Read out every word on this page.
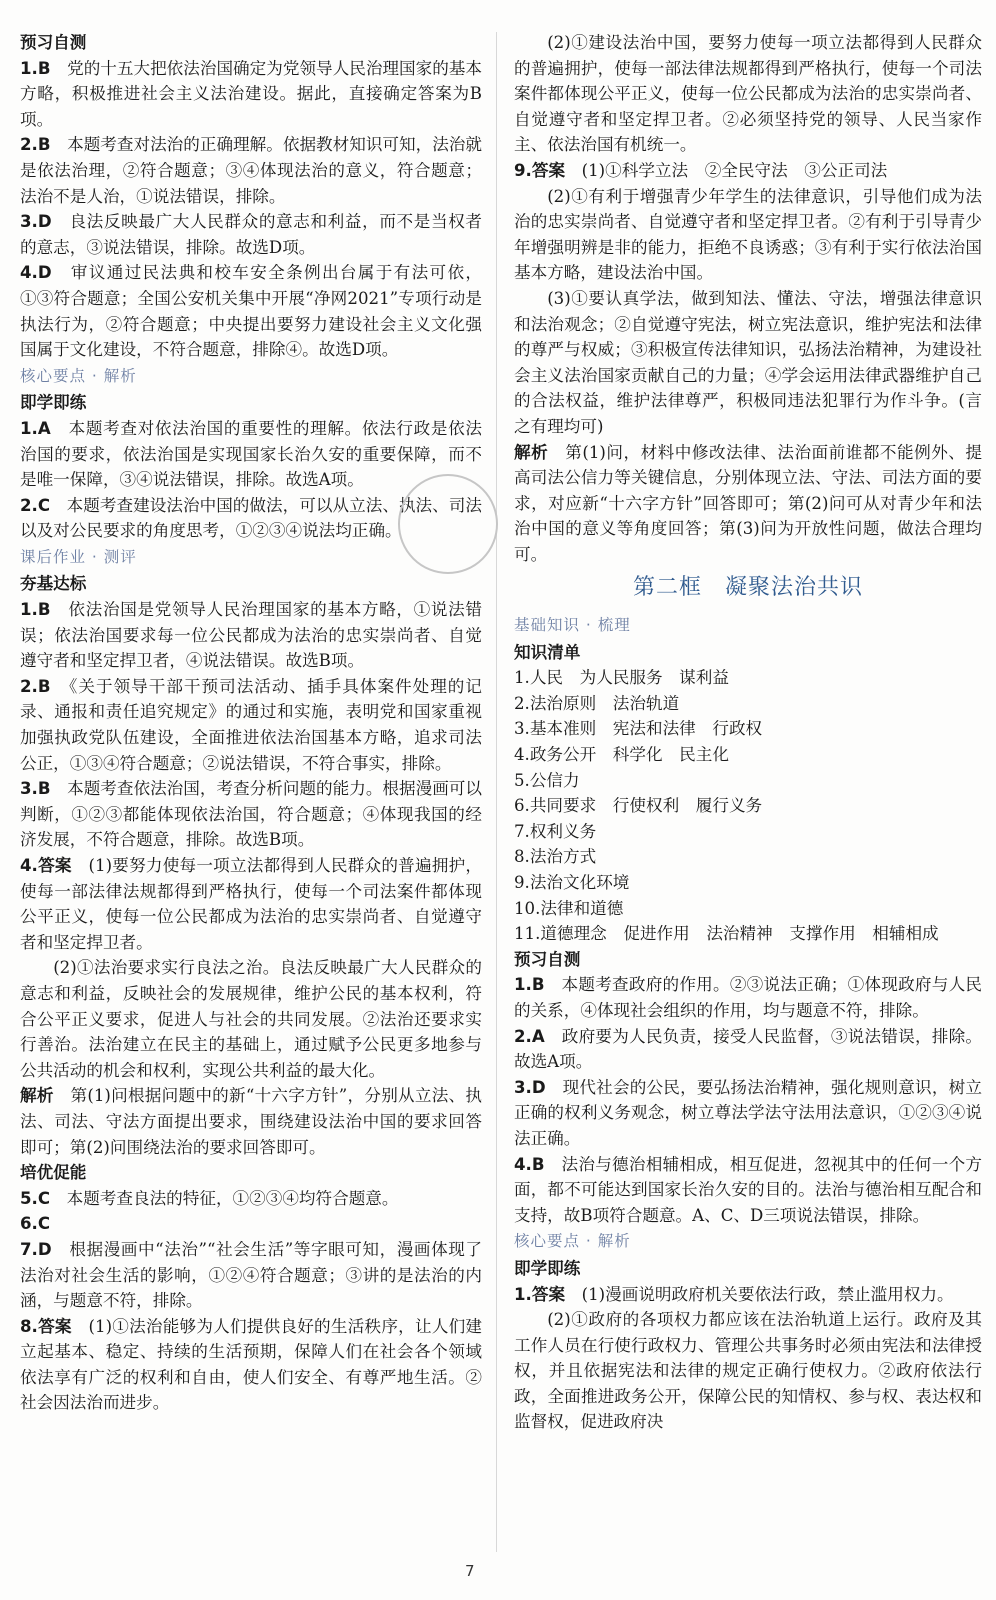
预习自测

1.B　党的十五大把依法治国确定为党领导人民治理国家的基本方略，积极推进社会主义法治建设。据此，直接确定答案为B项。

2.B　本题考查对法治的正确理解。依据教材知识可知，法治就是依法治理，②符合题意；③④体现法治的意义，符合题意；法治不是人治，①说法错误，排除。

3.D　良法反映最广大人民群众的意志和利益，而不是当权者的意志，③说法错误，排除。故选D项。

4.D　审议通过民法典和校车安全条例出台属于有法可依，①③符合题意；全国公安机关集中开展“净网2021”专项行动是执法行为，②符合题意；中央提出要努力建设社会主义文化强国属于文化建设，不符合题意，排除④。故选D项。

核心要点 · 解析
即学即练

1.A　本题考查对依法治国的重要性的理解。依法行政是依法治国的要求，依法治国是实现国家长治久安的重要保障，而不是唯一保障，③④说法错误，排除。故选A项。

2.C　本题考查建设法治中国的做法，可以从立法、执法、司法以及对公民要求的角度思考，①②③④说法均正确。

课后作业 · 测评
夯基达标

1.B　依法治国是党领导人民治理国家的基本方略，①说法错误；依法治国要求每一位公民都成为法治的忠实崇尚者、自觉遵守者和坚定捍卫者，④说法错误。故选B项。

2.B　《关于领导干部干预司法活动、插手具体案件处理的记录、通报和责任追究规定》的通过和实施，表明党和国家重视加强执政党队伍建设，全面推进依法治国基本方略，追求司法公正，①③④符合题意；②说法错误，不符合事实，排除。

3.B　本题考查依法治国，考查分析问题的能力。根据漫画可以判断，①②③都能体现依法治国，符合题意；④体现我国的经济发展，不符合题意，排除。故选B项。

4.答案　(1)要努力使每一项立法都得到人民群众的普遍拥护，使每一部法律法规都得到严格执行，使每一个司法案件都体现公平正义，使每一位公民都成为法治的忠实崇尚者、自觉遵守者和坚定捍卫者。

(2)①法治要求实行良法之治。良法反映最广大人民群众的意志和利益，反映社会的发展规律，维护公民的基本权利，符合公平正义要求，促进人与社会的共同发展。②法治还要求实行善治。法治建立在民主的基础上，通过赋予公民更多地参与公共活动的机会和权利，实现公共利益的最大化。

解析　第(1)问根据问题中的新“十六字方针”，分别从立法、执法、司法、守法方面提出要求，围绕建设法治中国的要求回答即可；第(2)问围绕法治的要求回答即可。

培优促能

5.C　本题考查良法的特征，①②③④均符合题意。

6.C　

7.D　根据漫画中“法治”“社会生活”等字眼可知，漫画体现了法治对社会生活的影响，①②④符合题意；③讲的是法治的内涵，与题意不符，排除。

8.答案　(1)①法治能够为人们提供良好的生活秩序，让人们建立起基本、稳定、持续的生活预期，保障人们在社会各个领域依法享有广泛的权利和自由，使人们安全、有尊严地生活。②社会因法治而进步。

(2)①建设法治中国，要努力使每一项立法都得到人民群众的普遍拥护，使每一部法律法规都得到严格执行，使每一个司法案件都体现公平正义，使每一位公民都成为法治的忠实崇尚者、自觉遵守者和坚定捍卫者。②必须坚持党的领导、人民当家作主、依法治国有机统一。

9.答案　(1)①科学立法　②全民守法　③公正司法

(2)①有利于增强青少年学生的法律意识，引导他们成为法治的忠实崇尚者、自觉遵守者和坚定捍卫者。②有利于引导青少年增强明辨是非的能力，拒绝不良诱惑；③有利于实行依法治国基本方略，建设法治中国。

(3)①要认真学法，做到知法、懂法、守法，增强法律意识和法治观念；②自觉遵守宪法，树立宪法意识，维护宪法和法律的尊严与权威；③积极宣传法律知识，弘扬法治精神，为建设社会主义法治国家贡献自己的力量；④学会运用法律武器维护自己的合法权益，维护法律尊严，积极同违法犯罪行为作斗争。(言之有理均可)

解析　第(1)问，材料中修改法律、法治面前谁都不能例外、提高司法公信力等关键信息，分别体现立法、守法、司法方面的要求，对应新“十六字方针”回答即可；第(2)问可从对青少年和法治中国的意义等角度回答；第(3)问为开放性问题，做法合理均可。

第二框　凝聚法治共识
基础知识 · 梳理
知识清单
1.人民　为人民服务　谋利益
2.法治原则　法治轨道
3.基本准则　宪法和法律　行政权
4.政务公开　科学化　民主化
5.公信力
6.共同要求　行使权利　履行义务
7.权利义务
8.法治方式
9.法治文化环境
10.法律和道德
11.道德理念　促进作用　法治精神　支撑作用　相辅相成
预习自测

1.B　本题考查政府的作用。②③说法正确；①体现政府与人民的关系，④体现社会组织的作用，均与题意不符，排除。

2.A　政府要为人民负责，接受人民监督，③说法错误，排除。故选A项。

3.D　现代社会的公民，要弘扬法治精神，强化规则意识，树立正确的权利义务观念，树立尊法学法守法用法意识，①②③④说法正确。

4.B　法治与德治相辅相成，相互促进，忽视其中的任何一个方面，都不可能达到国家长治久安的目的。法治与德治相互配合和支持，故B项符合题意。A、C、D三项说法错误，排除。

核心要点 · 解析
即学即练

1.答案　(1)漫画说明政府机关要依法行政，禁止滥用权力。

(2)①政府的各项权力都应该在法治轨道上运行。政府及其工作人员在行使行政权力、管理公共事务时必须由宪法和法律授权，并且依据宪法和法律的规定正确行使权力。②政府依法行政，全面推进政务公开，保障公民的知情权、参与权、表达权和监督权，促进政府决

7
